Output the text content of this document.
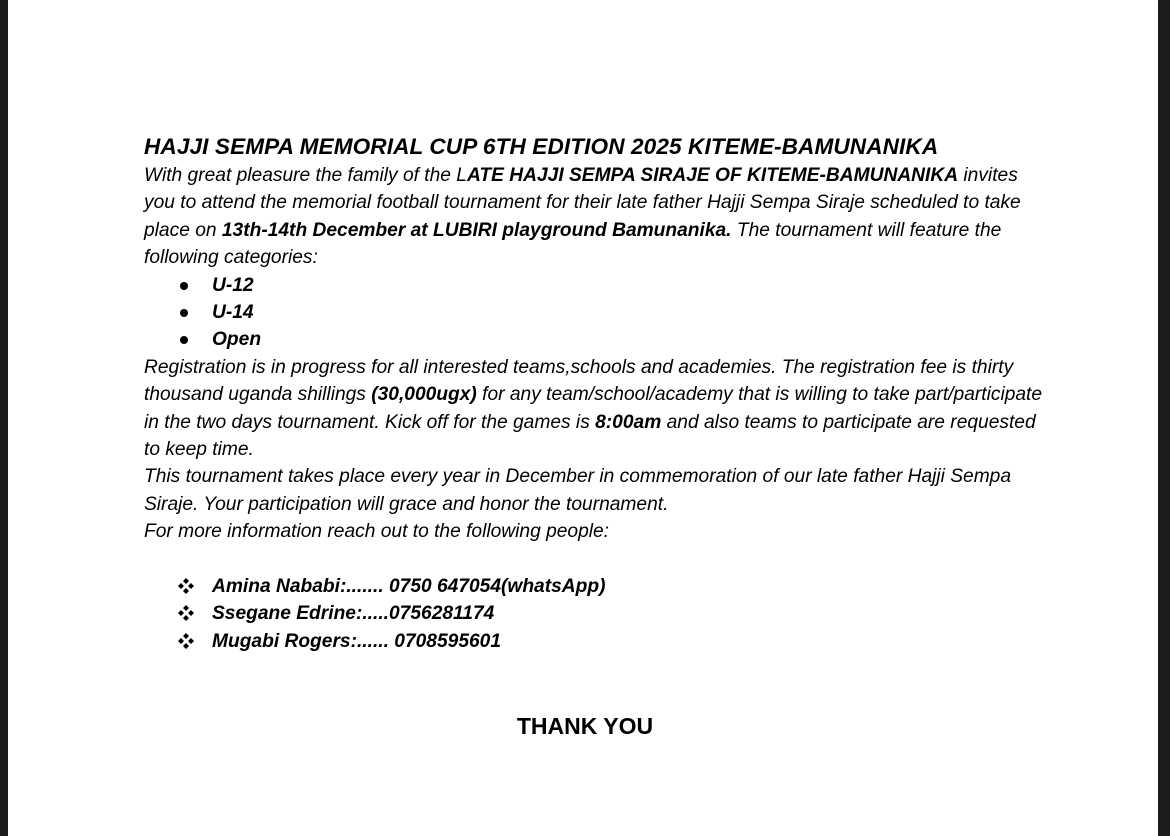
HAJJI SEMPA MEMORIAL CUP 6TH EDITION 2025 KITEME-BAMUNANIKA

With great pleasure the family of the LATE HAJJI SEMPA SIRAJE OF KITEME-BAMUNANIKA invites you to attend the memorial football tournament for their late father Hajji Sempa Siraje scheduled to take place on 13th-14th December at LUBIRI playground Bamunanika. The tournament will feature the following categories:

U-12
U-14
Open

Registration is in progress for all interested teams,schools and academies. The registration fee is thirty thousand uganda shillings (30,000ugx) for any team/school/academy that is willing to take part/participate in the two days tournament. Kick off for the games is 8:00am and also teams to participate are requested to keep time.

This tournament takes place every year in December in commemoration of our late father Hajji Sempa Siraje. Your participation will grace and honor the tournament.

For more information reach out to the following people:

Amina Nababi:....... 0750 647054(whatsApp)
Ssegane Edrine:.....0756281174
Mugabi Rogers:...... 0708595601
THANK YOU
